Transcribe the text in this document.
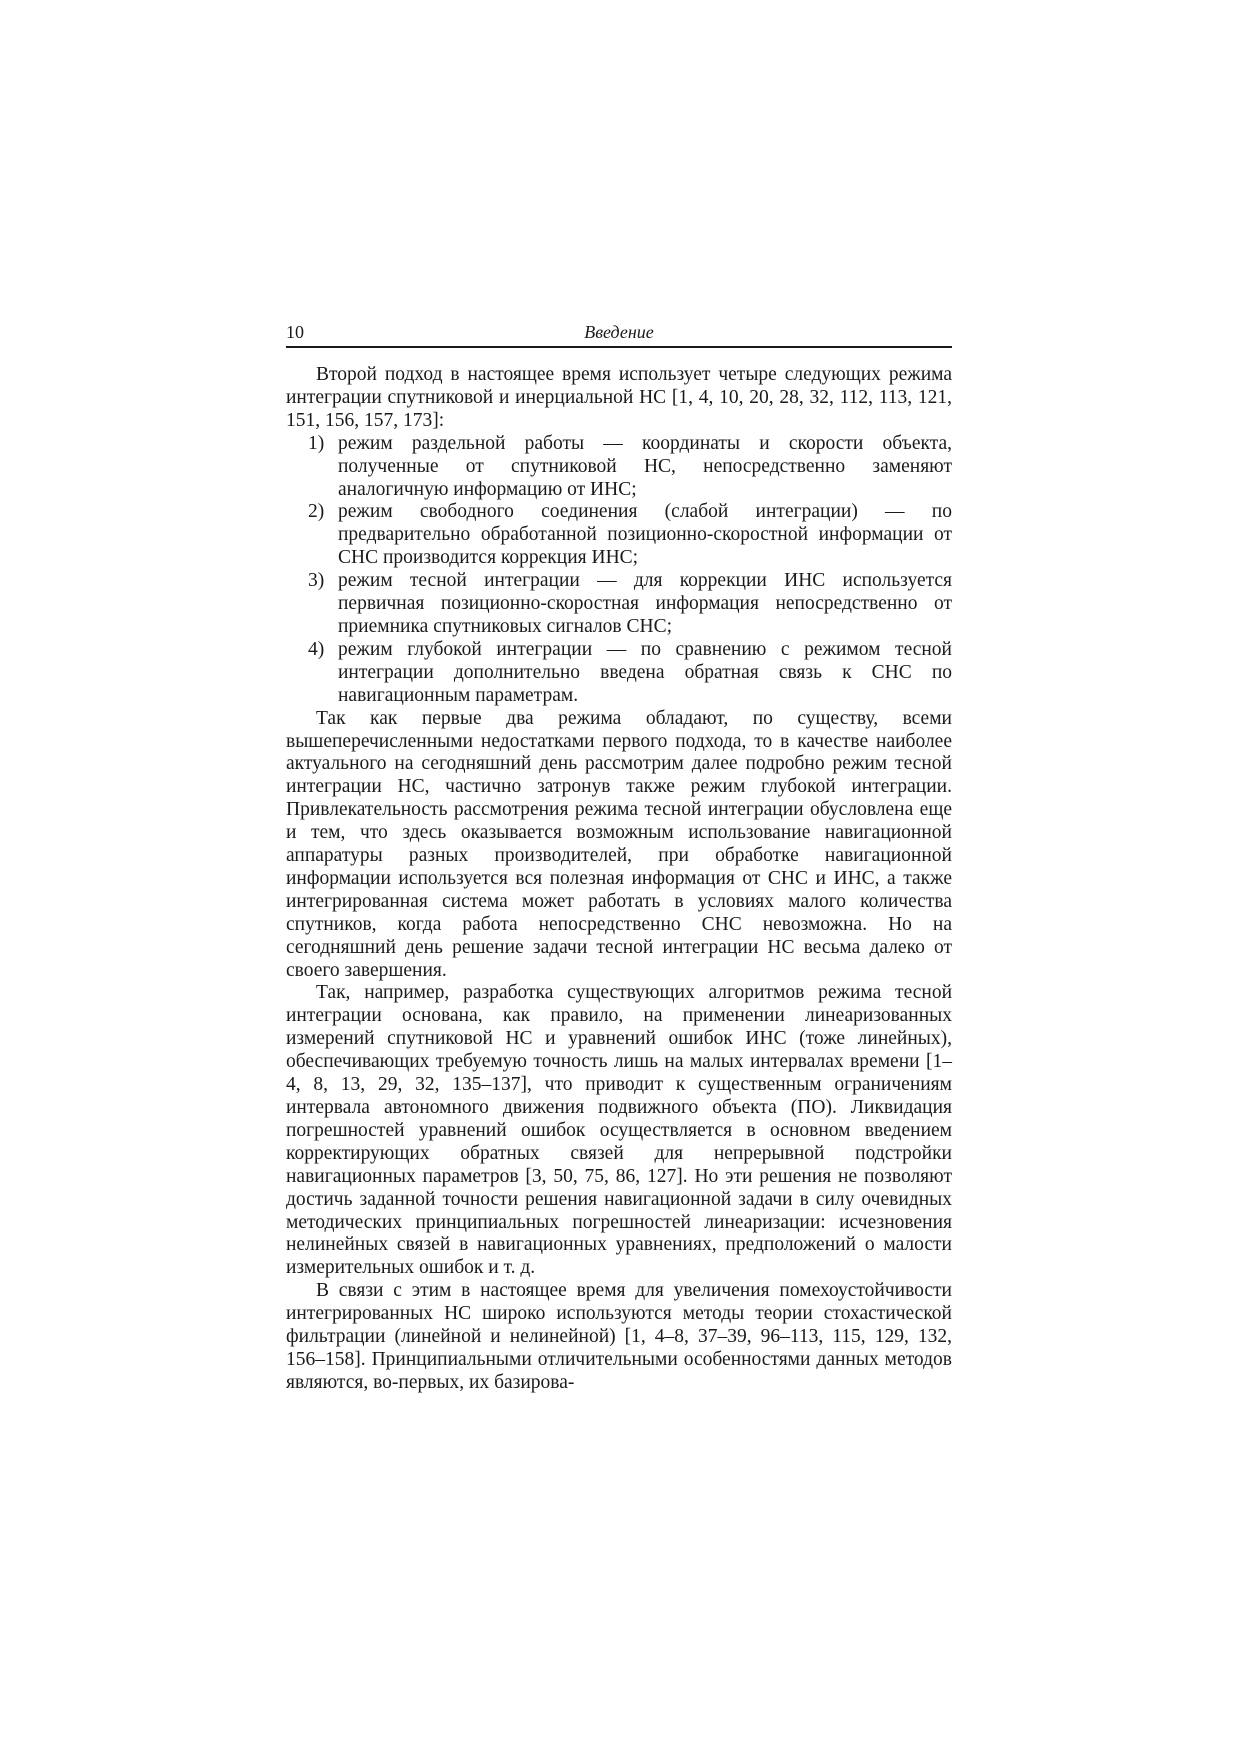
10	Введение

Второй подход в настоящее время использует четыре следующих режима интеграции спутниковой и инерциальной НС [1, 4, 10, 20, 28, 32, 112, 113, 121, 151, 156, 157, 173]:

1) режим раздельной работы — координаты и скорости объекта, полученные от спутниковой НС, непосредственно заменяют аналогичную информацию от ИНС;
2) режим свободного соединения (слабой интеграции) — по предварительно обработанной позиционно-скоростной информации от СНС производится коррекция ИНС;
3) режим тесной интеграции — для коррекции ИНС используется первичная позиционно-скоростная информация непосредственно от приемника спутниковых сигналов СНС;
4) режим глубокой интеграции — по сравнению с режимом тесной интеграции дополнительно введена обратная связь к СНС по навигационным параметрам.

Так как первые два режима обладают, по существу, всеми вышеперечисленными недостатками первого подхода, то в качестве наиболее актуального на сегодняшний день рассмотрим далее подробно режим тесной интеграции НС, частично затронув также режим глубокой интеграции. Привлекательность рассмотрения режима тесной интеграции обусловлена еще и тем, что здесь оказывается возможным использование навигационной аппаратуры разных производителей, при обработке навигационной информации используется вся полезная информация от СНС и ИНС, а также интегрированная система может работать в условиях малого количества спутников, когда работа непосредственно СНС невозможна. Но на сегодняшний день решение задачи тесной интеграции НС весьма далеко от своего завершения.

Так, например, разработка существующих алгоритмов режима тесной интеграции основана, как правило, на применении линеаризованных измерений спутниковой НС и уравнений ошибок ИНС (тоже линейных), обеспечивающих требуемую точность лишь на малых интервалах времени [1–4, 8, 13, 29, 32, 135–137], что приводит к существенным ограничениям интервала автономного движения подвижного объекта (ПО). Ликвидация погрешностей уравнений ошибок осуществляется в основном введением корректирующих обратных связей для непрерывной подстройки навигационных параметров [3, 50, 75, 86, 127]. Но эти решения не позволяют достичь заданной точности решения навигационной задачи в силу очевидных методических принципиальных погрешностей линеаризации: исчезновения нелинейных связей в навигационных уравнениях, предположений о малости измерительных ошибок и т. д.

В связи с этим в настоящее время для увеличения помехоустойчивости интегрированных НС широко используются методы теории стохастической фильтрации (линейной и нелинейной) [1, 4–8, 37–39, 96–113, 115, 129, 132, 156–158]. Принципиальными отличительными особенностями данных методов являются, во-первых, их базирова-
